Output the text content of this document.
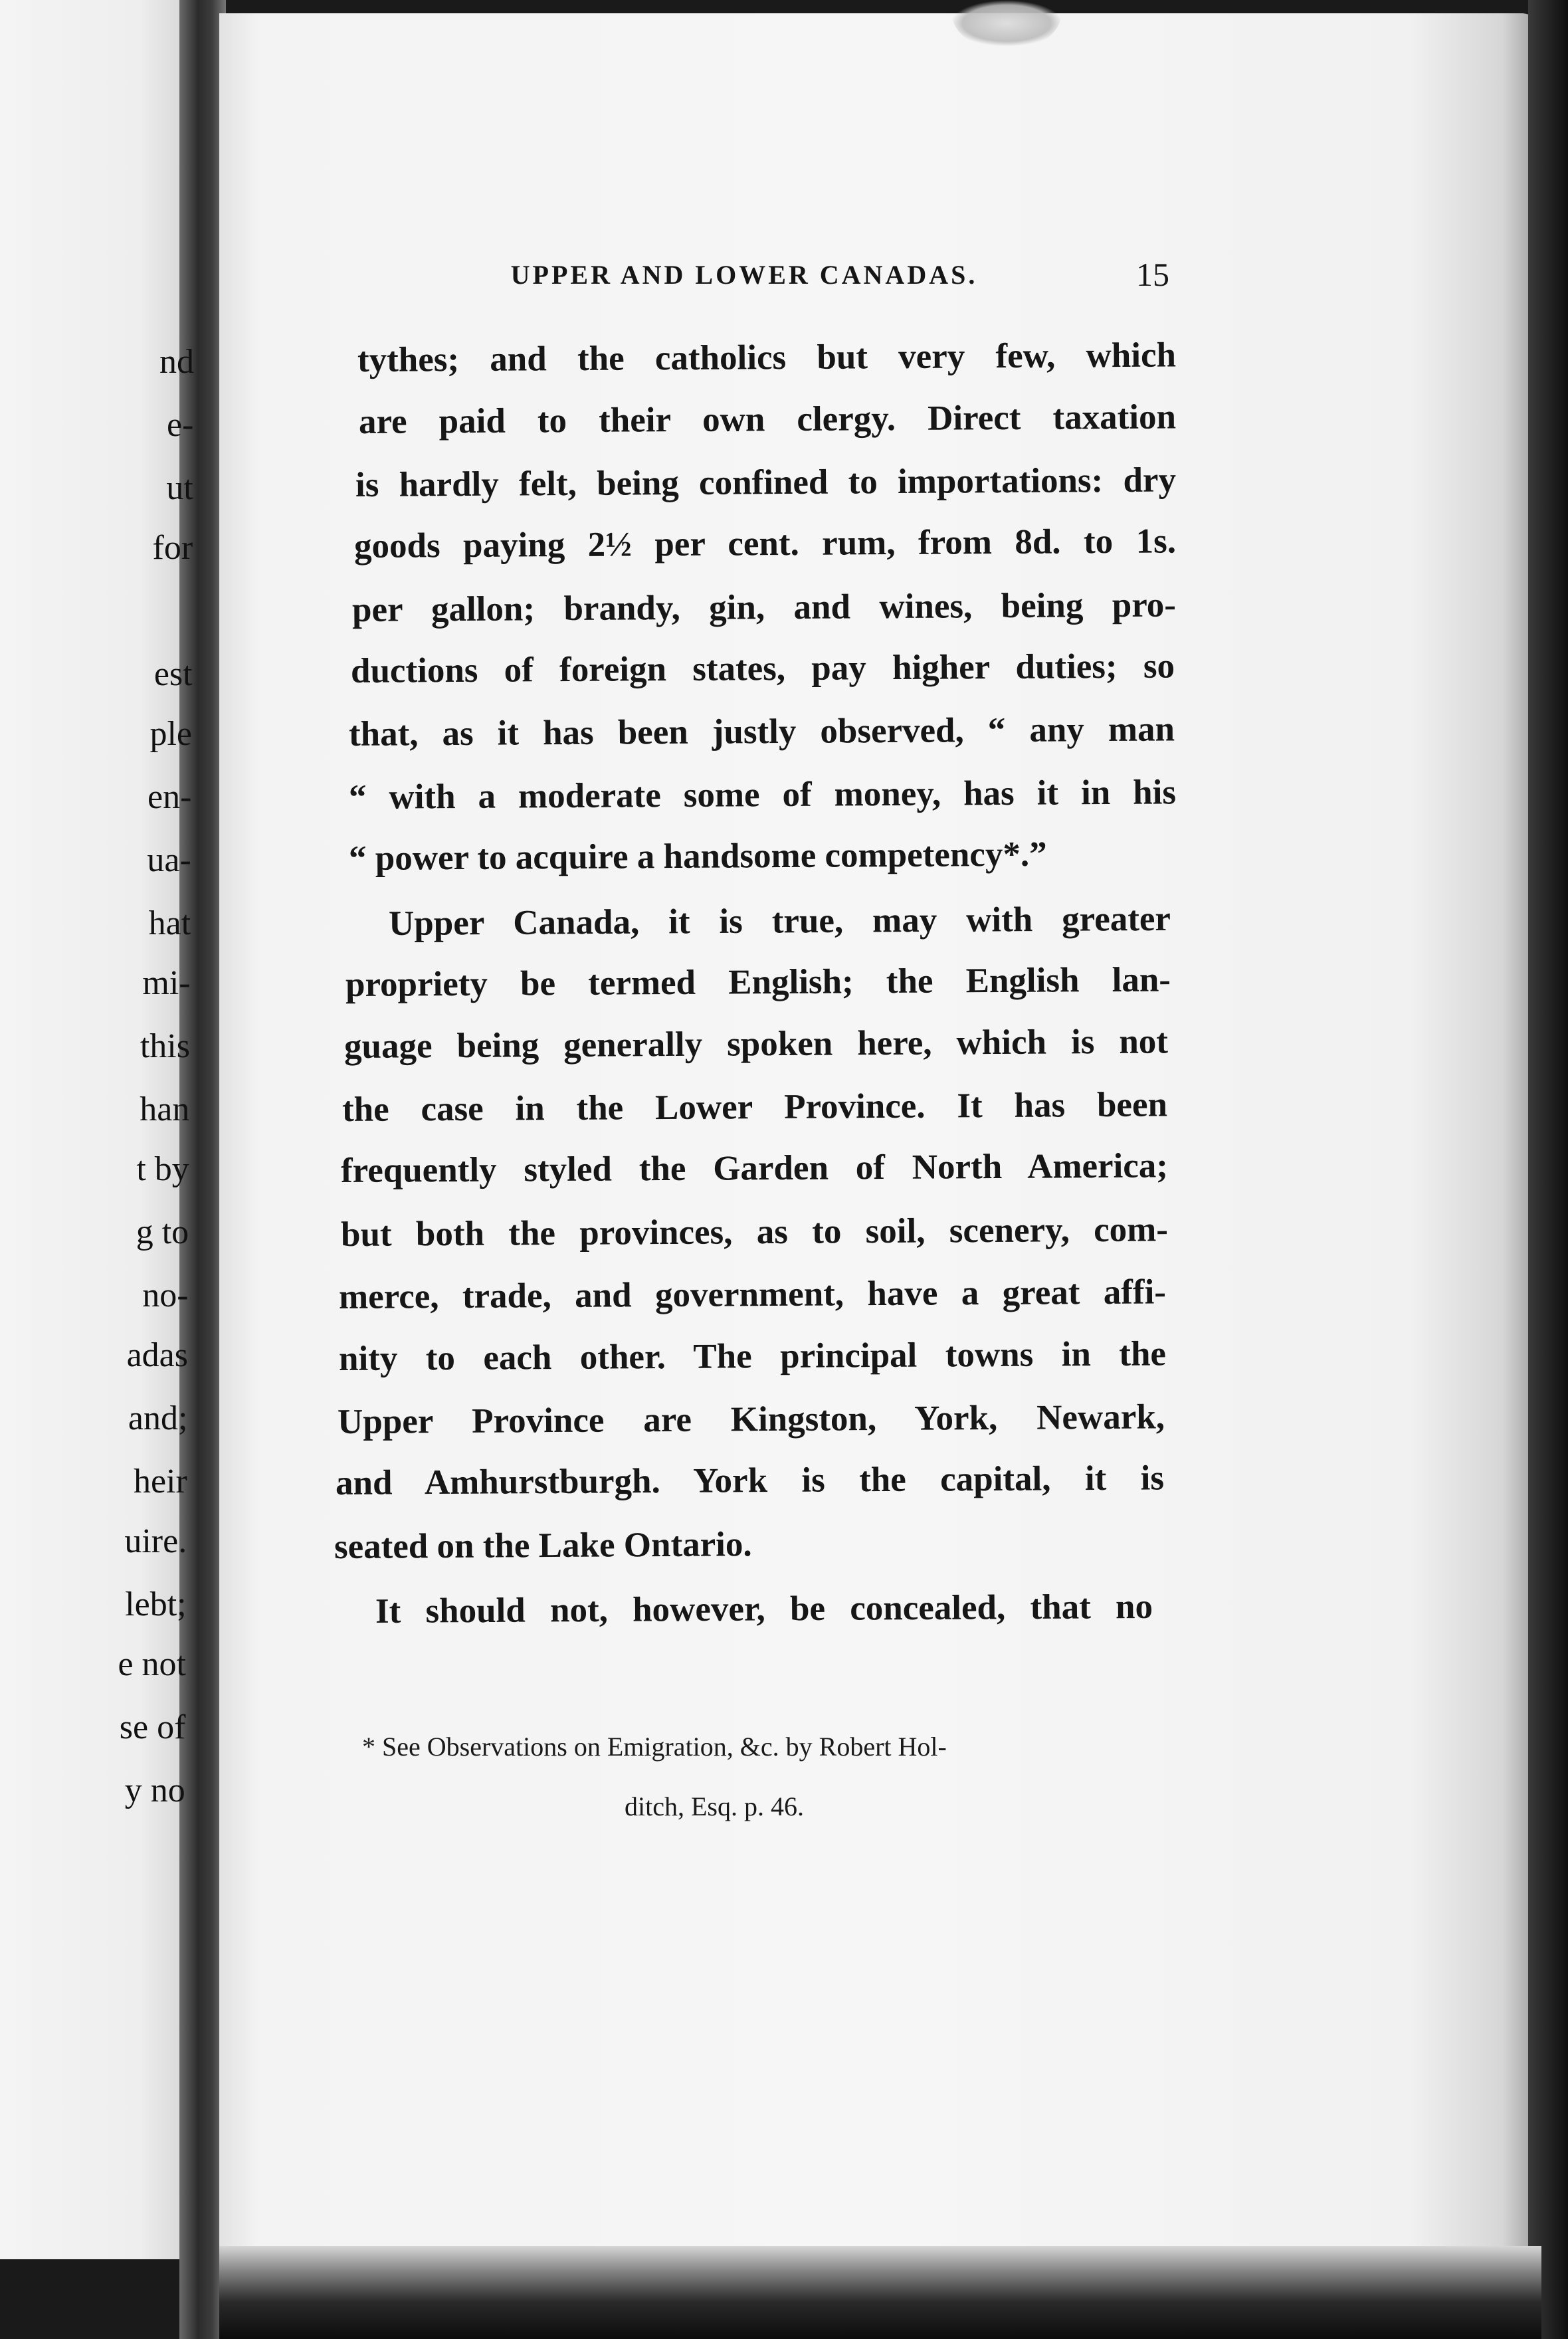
UPPER AND LOWER CANADAS.	15
nd
e-
ut
for
est
ple
en-
ua-
hat
mi-
this
han
t by
g to
no-
adas
and;
heir
uire.
lebt;
e not
se of
y no
tythes; and the catholics but very few, which
are paid to their own clergy. Direct taxation
is hardly felt, being confined to importations: dry
goods paying 2½ per cent. rum, from 8d. to 1s.
per gallon; brandy, gin, and wines, being pro-
ductions of foreign states, pay higher duties; so
that, as it has been justly observed, “ any man
“ with a moderate some of money, has it in his
“ power to acquire a handsome competency*.”
Upper Canada, it is true, may with greater
propriety be termed English; the English lan-
guage being generally spoken here, which is not
the case in the Lower Province. It has been
frequently styled the Garden of North America;
but both the provinces, as to soil, scenery, com-
merce, trade, and government, have a great affi-
nity to each other. The principal towns in the
Upper Province are Kingston, York, Newark,
and Amhurstburgh. York is the capital, it is
seated on the Lake Ontario.
It should not, however, be concealed, that no
* See Observations on Emigration, &c. by Robert Hol-
ditch, Esq. p. 46.
